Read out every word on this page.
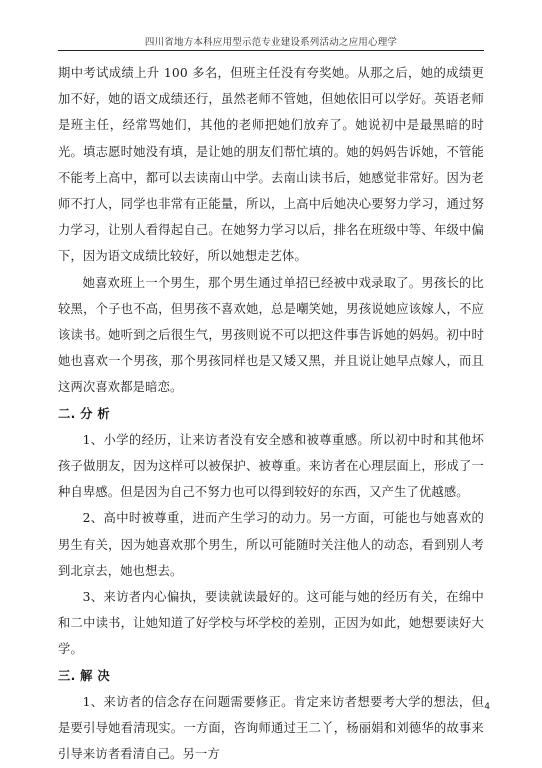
四川省地方本科应用型示范专业建设系列活动之应用心理学

期中考试成绩上升 100 多名，但班主任没有夸奖她。从那之后，她的成绩更加不好，她的语文成绩还行，虽然老师不管她，但她依旧可以学好。英语老师是班主任，经常骂她们，其他的老师把她们放弃了。她说初中是最黑暗的时光。填志愿时她没有填，是让她的朋友们帮忙填的。她的妈妈告诉她，不管能不能考上高中，都可以去读南山中学。去南山读书后，她感觉非常好。因为老师不打人，同学也非常有正能量，所以，上高中后她决心要努力学习，通过努力学习，让别人看得起自己。在她努力学习以后，排名在班级中等、年级中偏下，因为语文成绩比较好，所以她想走艺体。

她喜欢班上一个男生，那个男生通过单招已经被中戏录取了。男孩长的比较黑，个子也不高，但男孩不喜欢她，总是嘲笑她，男孩说她应该嫁人，不应该读书。她听到之后很生气，男孩则说不可以把这件事告诉她的妈妈。初中时她也喜欢一个男孩，那个男孩同样也是又矮又黑，并且说让她早点嫁人，而且这两次喜欢都是暗恋。

二. 分 析

1、小学的经历，让来访者没有安全感和被尊重感。所以初中时和其他坏孩子做朋友，因为这样可以被保护、被尊重。来访者在心理层面上，形成了一种自卑感。但是因为自己不努力也可以得到较好的东西，又产生了优越感。

2、高中时被尊重，进而产生学习的动力。另一方面，可能也与她喜欢的男生有关，因为她喜欢那个男生，所以可能随时关注他人的动态，看到别人考到北京去，她也想去。

3、来访者内心偏执，要读就读最好的。这可能与她的经历有关，在绵中和二中读书，让她知道了好学校与坏学校的差别，正因为如此，她想要读好大学。

三. 解 决

1、来访者的信念存在问题需要修正。肯定来访者想要考大学的想法，但是要引导她看清现实。一方面，咨询师通过王二丫，杨丽娟和刘德华的故事来引导来访者看清自己。另一方

4
